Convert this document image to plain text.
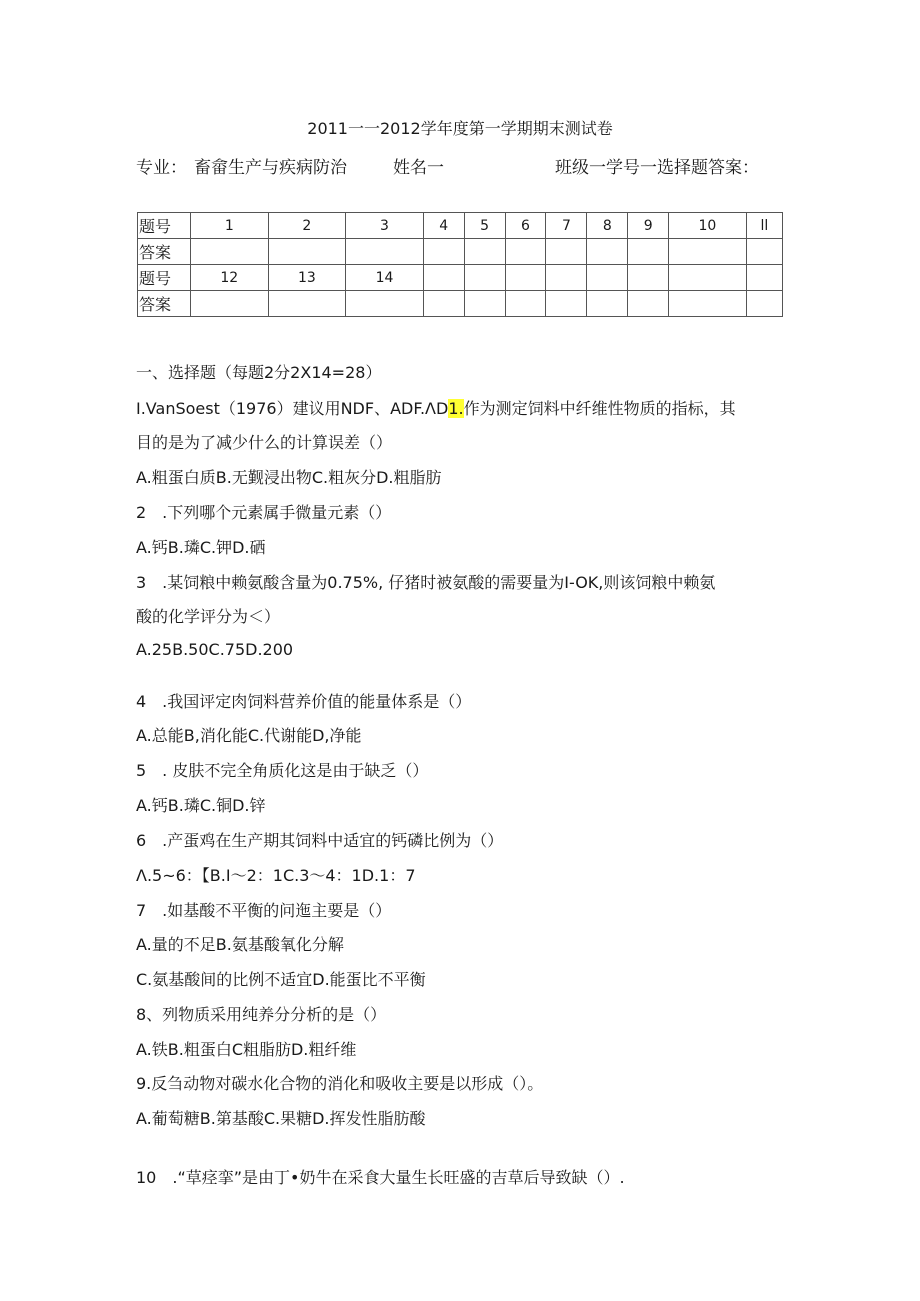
2011一一2012学年度第一学期期末测试卷
专业： 畜畲生产与疾病防治	姓名一	班级一学号一选择题答案：
题号	1	2	3	4	5	6	7	8	9	10	ll
答案											
题号	12	13	14								
答案											
一、选择题（每题2分2X14=28）
I.VanSoest（1976）建议用NDF、ADF.ΛD1.作为测定饲料中纤维性物质的指标，其
目的是为了减少什么的计算误差（）
A.粗蛋白质B.无觐浸出物C.粗灰分D.粗脂肪
2　.下列哪个元素属手微量元素（）
A.钙B.璘C.钾D.硒
3　.某饲粮中赖氨酸含量为0.75%, 仔猪时被氨酸的需要量为I-OK,则该饲粮中赖氨
酸的化学评分为＜）
A.25B.50C.75D.200
4　.我国评定肉饲料营养价值的能量体系是（）
A.总能B,消化能C.代谢能D,净能
5　. 皮肤不完全角质化这是由于缺乏（）
A.钙B.璘C.铜D.锌
6　.产蛋鸡在生产期其饲料中适宜的钙磷比例为（）
Λ.5~6：【B.I～2：1C.3～4：1D.1：7
7　.如基酸不平衡的问迤主要是（）
A.量的不足B.氨基酸氧化分解
C.氨基酸间的比例不适宜D.能蛋比不平衡
8、列物质采用纯养分分析的是（）
A.铁B.粗蛋白C粗脂肪D.粗纤维
9.反刍动物对碳水化合物的消化和吸收主要是以形成（）。
A.葡萄糖B.第基酸C.果糖D.挥发性脂肪酸
10　.“草痉挛”是由丁•奶牛在采食大量生长旺盛的吉草后导致缺（）.
